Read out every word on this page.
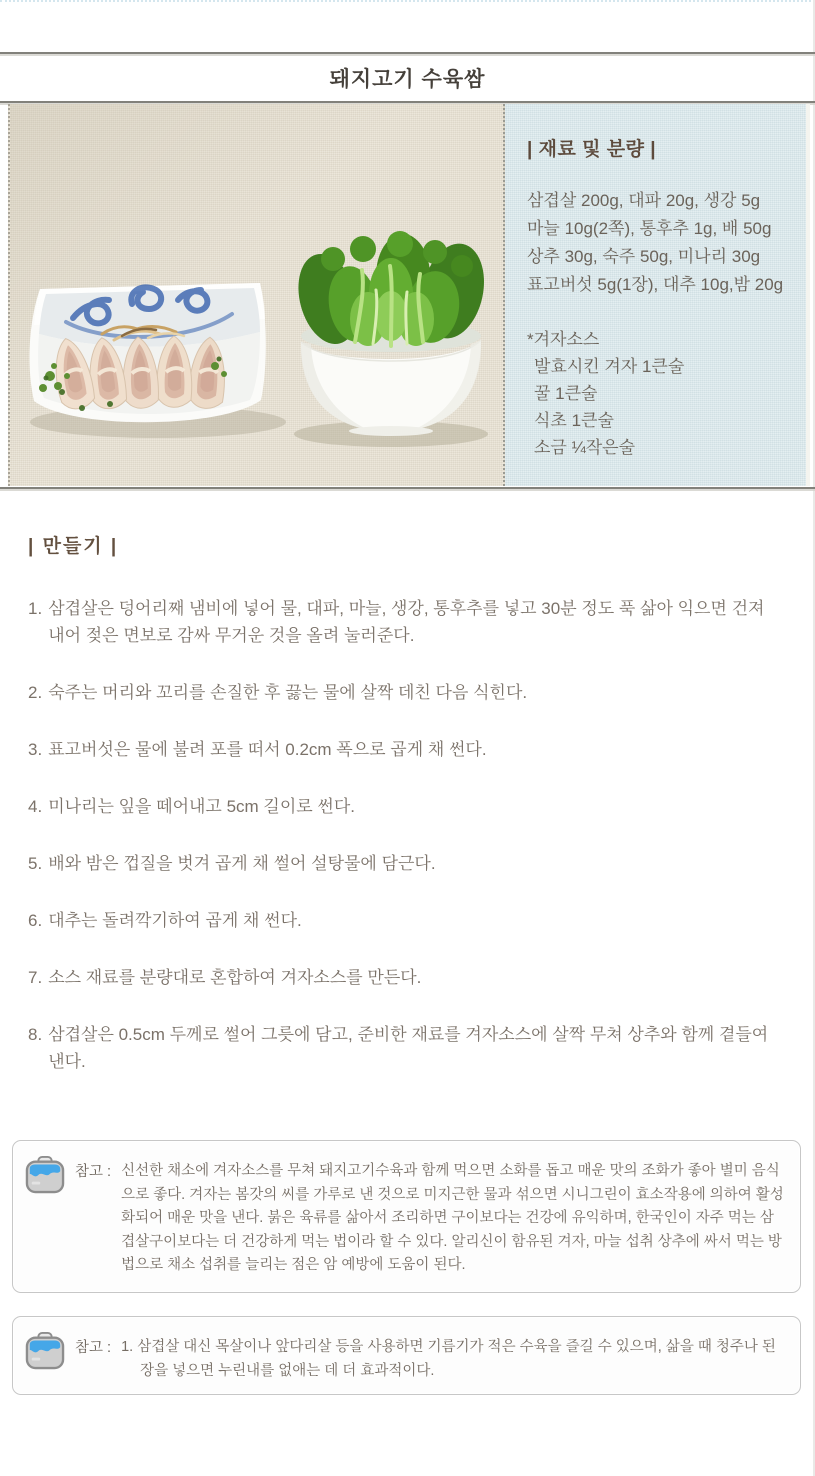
돼지고기 수육쌈
| 재료 및 분량 |
삼겹살 200g, 대파 20g, 생강 5g
마늘 10g(2쪽), 통후추 1g, 배 50g
상추 30g, 숙주 50g, 미나리 30g
표고버섯 5g(1장), 대추 10g,밤 20g
*겨자소스
발효시킨 겨자 1큰술
꿀 1큰술
식초 1큰술
소금 ¼작은술
| 만들기 |
1. 삼겹살은 덩어리째 냄비에 넣어 물, 대파, 마늘, 생강, 통후추를 넣고 30분 정도 푹 삶아 익으면 건져 내어 젖은 면보로 감싸 무거운 것을 올려 눌러준다.
2. 숙주는 머리와 꼬리를 손질한 후 끓는 물에 살짝 데친 다음 식힌다.
3. 표고버섯은 물에 불려 포를 떠서 0.2cm 폭으로 곱게 채 썬다.
4. 미나리는 잎을 떼어내고 5cm 길이로 썬다.
5. 배와 밤은 껍질을 벗겨 곱게 채 썰어 설탕물에 담근다.
6. 대추는 돌려깍기하여 곱게 채 썬다.
7. 소스 재료를 분량대로 혼합하여 겨자소스를 만든다.
8. 삼겹살은 0.5cm 두께로 썰어 그릇에 담고, 준비한 재료를 겨자소스에 살짝 무쳐 상추와 함께 곁들여 낸다.
참고 : 신선한 채소에 겨자소스를 무쳐 돼지고기수육과 함께 먹으면 소화를 돕고 매운 맛의 조화가 좋아 별미 음식으로 좋다. 겨자는 봄갓의 씨를 가루로 낸 것으로 미지근한 물과 섞으면 시니그린이 효소작용에 의하여 활성화되어 매운 맛을 낸다. 붉은 육류를 삶아서 조리하면 구이보다는 건강에 유익하며, 한국인이 자주 먹는 삼겹살구이보다는 더 건강하게 먹는 법이라 할 수 있다. 알리신이 함유된 겨자, 마늘 섭취 상추에 싸서 먹는 방법으로 채소 섭취를 늘리는 점은 암 예방에 도움이 된다.
참고 : 1. 삼겹살 대신 목살이나 앞다리살 등을 사용하면 기름기가 적은 수육을 즐길 수 있으며, 삶을 때 청주나 된장을 넣으면 누린내를 없애는 데 더 효과적이다.
